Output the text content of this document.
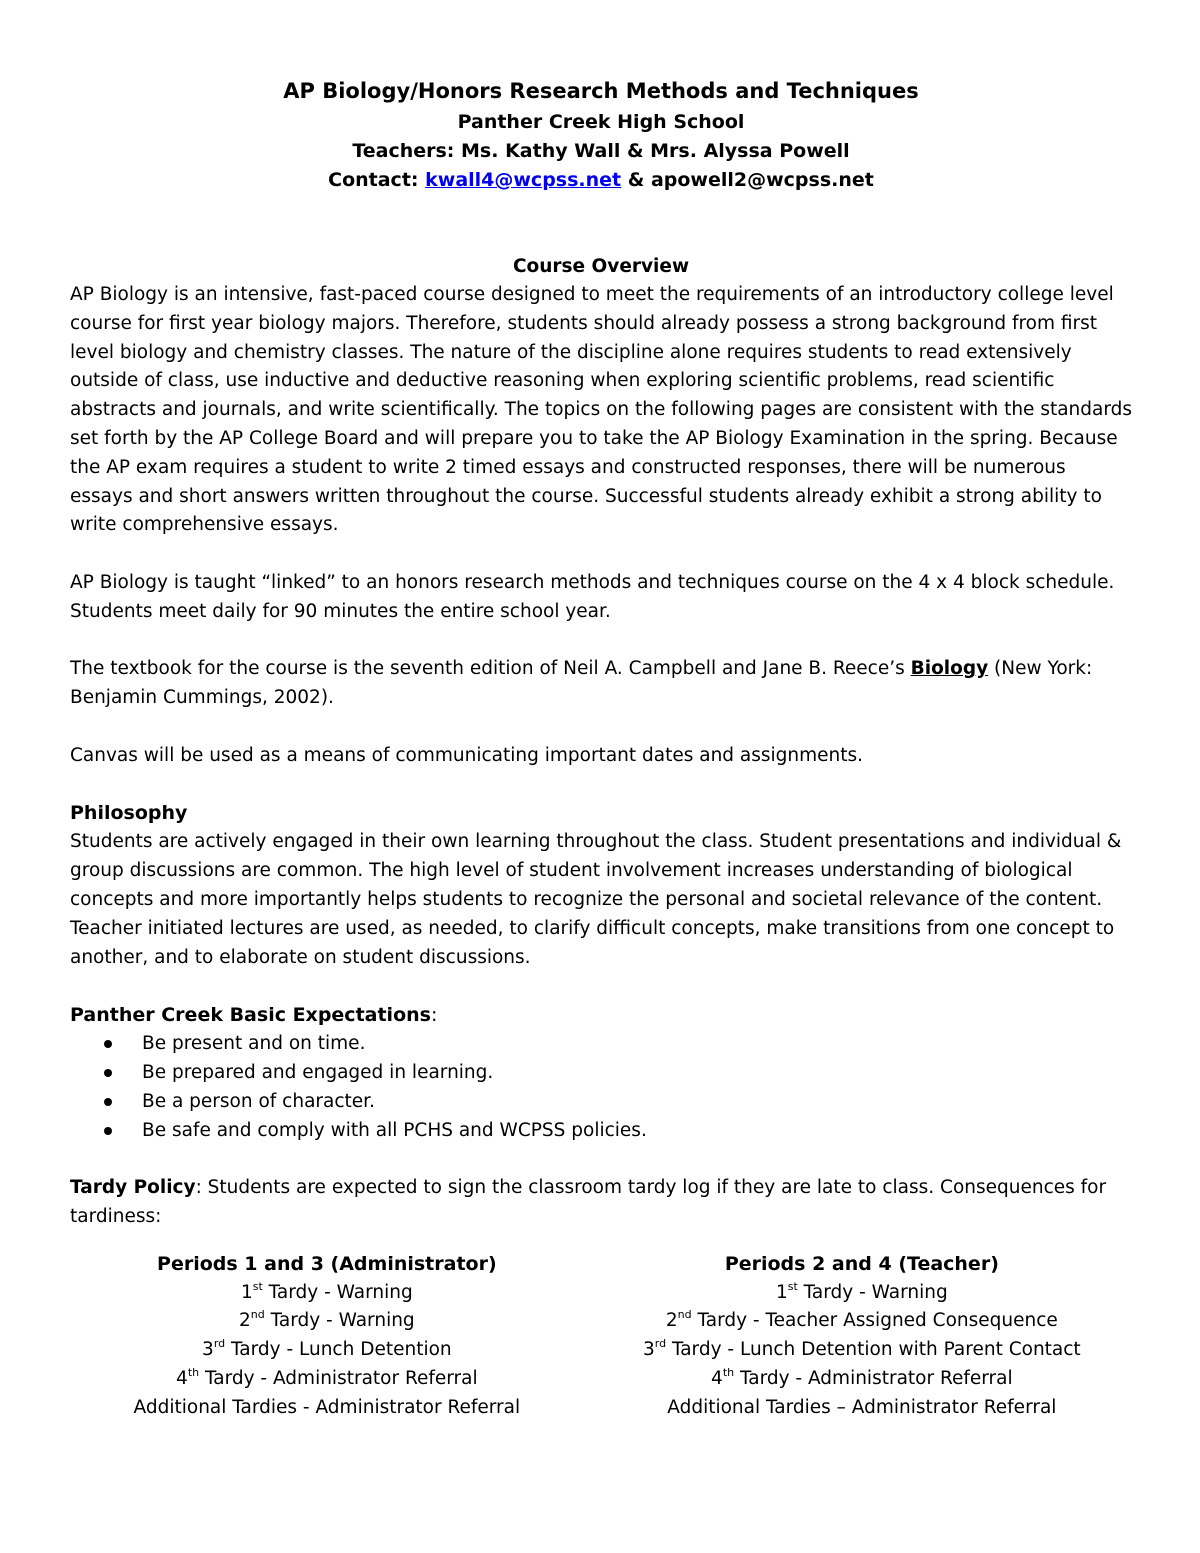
AP Biology/Honors Research Methods and Techniques
Panther Creek High School
Teachers: Ms. Kathy Wall & Mrs. Alyssa Powell
Contact: kwall4@wcpss.net & apowell2@wcpss.net
Course Overview

AP Biology is an intensive, fast-paced course designed to meet the requirements of an introductory college level course for first year biology majors. Therefore, students should already possess a strong background from first level biology and chemistry classes. The nature of the discipline alone requires students to read extensively outside of class, use inductive and deductive reasoning when exploring scientific problems, read scientific abstracts and journals, and write scientifically. The topics on the following pages are consistent with the standards set forth by the AP College Board and will prepare you to take the AP Biology Examination in the spring. Because the AP exam requires a student to write 2 timed essays and constructed responses, there will be numerous essays and short answers written throughout the course. Successful students already exhibit a strong ability to write comprehensive essays.

AP Biology is taught “linked” to an honors research methods and techniques course on the 4 x 4 block schedule. Students meet daily for 90 minutes the entire school year.

The textbook for the course is the seventh edition of Neil A. Campbell and Jane B. Reece’s Biology (New York: Benjamin Cummings, 2002).

Canvas will be used as a means of communicating important dates and assignments.

Philosophy

Students are actively engaged in their own learning throughout the class. Student presentations and individual & group discussions are common. The high level of student involvement increases understanding of biological concepts and more importantly helps students to recognize the personal and societal relevance of the content. Teacher initiated lectures are used, as needed, to clarify difficult concepts, make transitions from one concept to another, and to elaborate on student discussions.

Panther Creek Basic Expectations:

Be present and on time.
Be prepared and engaged in learning.
Be a person of character.
Be safe and comply with all PCHS and WCPSS policies.

Tardy Policy: Students are expected to sign the classroom tardy log if they are late to class. Consequences for tardiness:

Periods 1 and 3 (Administrator)
1st Tardy - Warning
2nd Tardy - Warning
3rd Tardy - Lunch Detention
4th Tardy - Administrator Referral
Additional Tardies - Administrator Referral
Periods 2 and 4 (Teacher)
1st Tardy - Warning
2nd Tardy - Teacher Assigned Consequence
3rd Tardy - Lunch Detention with Parent Contact
4th Tardy - Administrator Referral
Additional Tardies – Administrator Referral
